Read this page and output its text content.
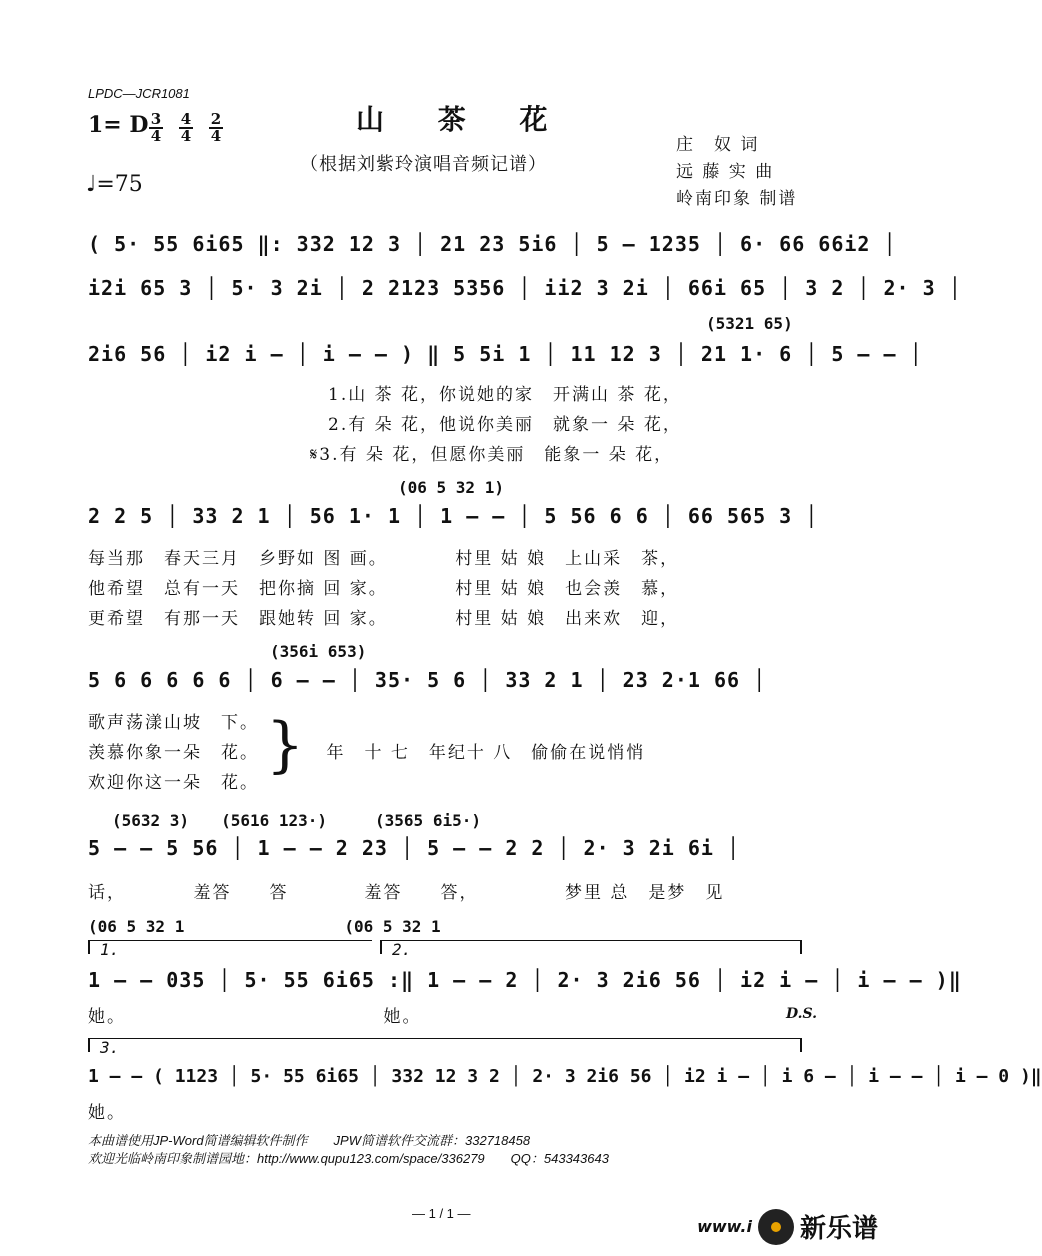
LPDC—JCR1081
山 茶 花
（根据刘紫玲演唱音频记谱）
1= D 3
4
4
4
2
4
♩=75
庄　奴 词
远 藤 实 曲
岭南印象 制谱
( 5· 55 6i65 ‖: 332 12 3 │ 21 23 5i6 │ 5 – 1235 │ 6· 66 66i2 │
i2i 65 3 │ 5· 3 2i │ 2 2123 5356 │ ii2 3 2i │ 66i 65 │ 3 2 │ 2· 3 │
(5321 65)
2i6 56 │ i2 i – │ i – – ) ‖ 5 5i 1 │ 11 12 3 │ 21 1· 6 │ 5 – – │
1.山 茶 花，你说她的家　开满山 茶 花，
2.有 朵 花，他说你美丽　就象一 朵 花，
𝄋3.有 朵 花，但愿你美丽　能象一 朵 花，
(06 5 32 1)
2 2 5 │ 33 2 1 │ 56 1· 1 │ 1 – – │ 5 56 6 6 │ 66 565 3 │
每当那　春天三月　乡野如 图 画。　　　　村里 姑 娘　上山采　茶，
他希望　总有一天　把你摘 回 家。　　　　村里 姑 娘　也会羡　慕，
更希望　有那一天　跟她转 回 家。　　　　村里 姑 娘　出来欢　迎，
(356i 653)
5 6 6 6 6 6 │ 6 – – │ 35· 5 6 │ 33 2 1 │ 23 2·1 66 │
歌声荡漾山坡　下。
羡慕你象一朵　花。　　　　年　十 七　年纪十 八　偷偷在说悄悄
欢迎你这一朵　花。
}
(5632 3)　　(5616 123·)　　　(3565 6i5·)
5 – – 5 56 │ 1 – – 2 23 │ 5 – – 2 2 │ 2· 3 2i 6i │
话，　　　　羞答　　答　　　　羞答　　答，　　　　　梦里 总　是梦　见
(06 5 32 1　　　　　　　　　　(06 5 32 1
1.	2.
1 – – 035 │ 5· 55 6i65 :‖ 1 – – 2 │ 2· 3 2i6 56 │ i2 i – │ i – – )‖
她。　　　　　　　　　　　　　　她。	D.S.
3.
1 – – ( 1123 │ 5· 55 6i65 │ 332 12 3 2 │ 2· 3 2i6 56 │ i2 i – │ i 6 – │ i – – │ i – 0 )‖
她。
本曲谱使用JP-Word简谱编辑软件制作　　JPW简谱软件交流群：332718458
欢迎光临岭南印象制谱园地：http://www.qupu123.com/space/336279　　QQ：543343643
— 1 / 1 —
www.i 新乐谱
